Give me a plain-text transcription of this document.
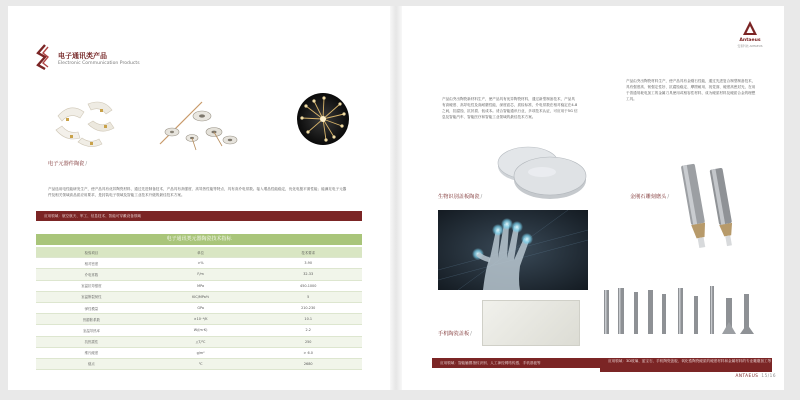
电子通讯类产品
Electronic Communication Products
电子元器件陶瓷/
产品选用电性能研发生产，使产品具有优异陶瓷材料，通过先进制备技术，产品具有高强度、高导热性能等特点，具有高介电常数。接入增品性能稳定，优化电极平面性能；能满足电子元器件及相关领域高品质应用要求，是封装电子领域及智能工业技术升级的最佳技术方案。
应用领域：航空航天、军工、信息技术、智能可穿戴设备领域
电子通讯类元器陶瓷技术指标
检验项目	单位	技术要求
相对密度	>%	3.90
介电常数	F/m	32-33
室温抗弯强度	MPa	450-1000
室温断裂韧性	KIC/MPa½	5
弹性模量	GPa	210-230
热膨胀系数	×10⁻⁶/K	10.1
室温导热率	W/(m·K)	2.2
抗热震性	△T/℃	250
维氏硬度	g/m²	> 6.0
熔点	℃	2680
Antaeus
安泰科技 ANTAEUS
产品由突出陶瓷新材料生产，使产品具有优异陶瓷材料，通过新型制备技术，产品具有高硬度、高导电性及高耐磨性能，深度滤芯，质检标准，介电常数在相对稳定在4-8之间，抗腐蚀、抗折损、低成本。适合智能通讯行业，多项技术认证，可应用于5G 信息及智能汽车、智能医疗和智能工业领域的最佳技术方案。
产品由突出陶瓷材料生产，使产品具有金刚石性能，通过先进复合制型制备技术，具有强度高、韧强定性好、抗腐蚀稳定、摩擦耐用、视觉面、硬度高密封光，在用于普通易耗电加工的金属刀具使用或相容性材料，成为硬质材料及硬质合金的理想工具。
生物识别盖板陶瓷/
手机陶瓷盖板/
金刚石雕刻磨头/
应用领域：智能触摸指纹识别、人工神经网络传感、手机基板等	应用领域：3D玻璃、蓝宝石、手机陶瓷盖板、氧化锆陶瓷硬质的硬度材料和金属材料的专业雕磨加工等
ANTAEUS 15/16
